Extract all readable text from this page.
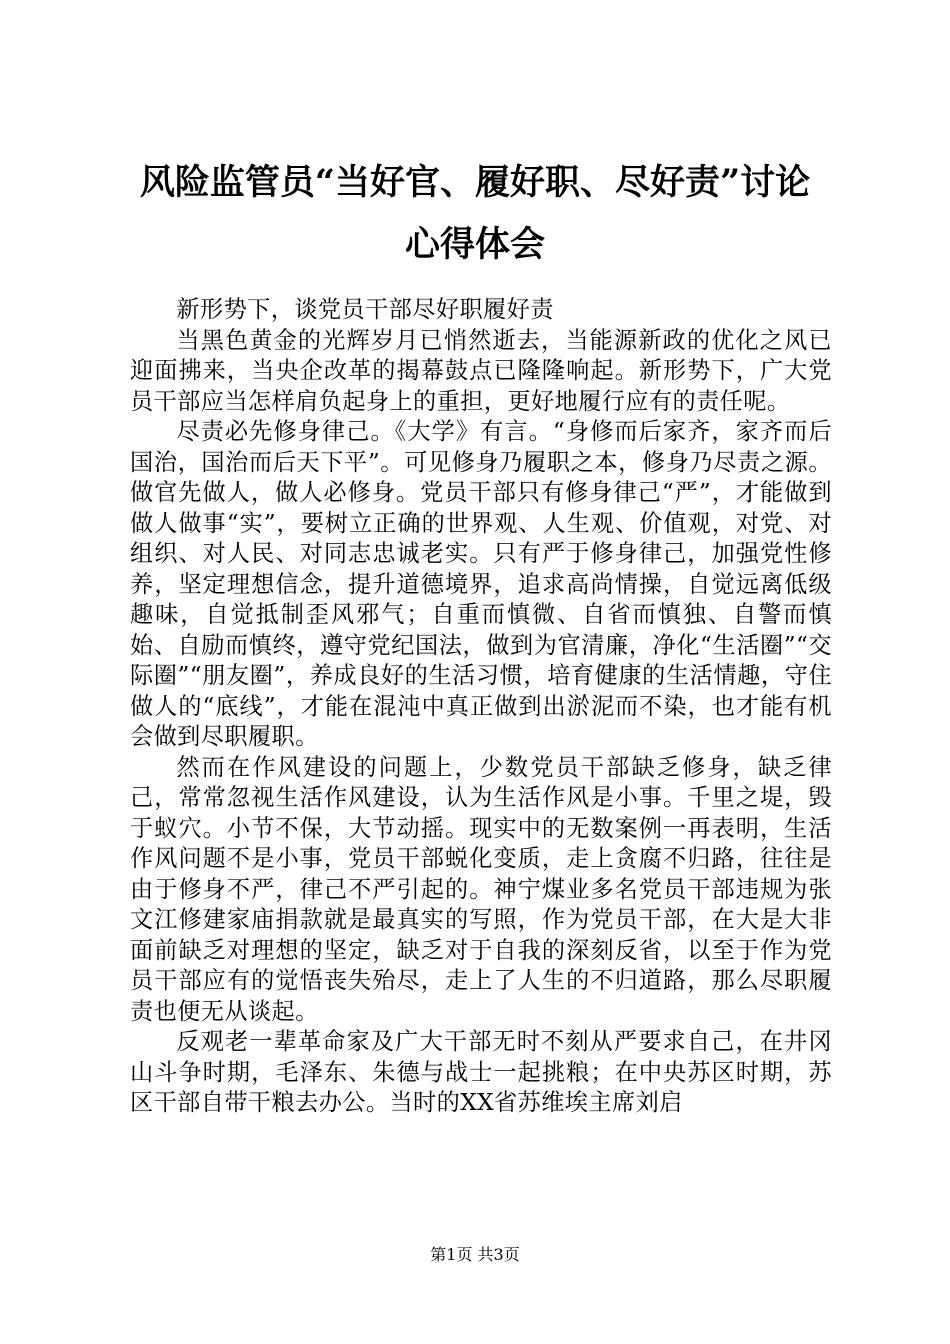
风险监管员“当好官、履好职、尽好责”讨论
心得体会

新形势下，谈党员干部尽好职履好责

当黑色黄金的光辉岁月已悄然逝去，当能源新政的优化之风已迎面拂来，当央企改革的揭幕鼓点已隆隆响起。新形势下，广大党员干部应当怎样肩负起身上的重担，更好地履行应有的责任呢。

尽责必先修身律己。《大学》有言。“身修而后家齐，家齐而后国治，国治而后天下平”。可见修身乃履职之本，修身乃尽责之源。做官先做人，做人必修身。党员干部只有修身律己“严”，才能做到做人做事“实”，要树立正确的世界观、人生观、价值观，对党、对组织、对人民、对同志忠诚老实。只有严于修身律己，加强党性修养，坚定理想信念，提升道德境界，追求高尚情操，自觉远离低级趣味，自觉抵制歪风邪气；自重而慎微、自省而慎独、自警而慎始、自励而慎终，遵守党纪国法，做到为官清廉，净化“生活圈”“交际圈”“朋友圈”，养成良好的生活习惯，培育健康的生活情趣，守住做人的“底线”，才能在混沌中真正做到出淤泥而不染，也才能有机会做到尽职履职。

然而在作风建设的问题上，少数党员干部缺乏修身，缺乏律己，常常忽视生活作风建设，认为生活作风是小事。千里之堤，毁于蚁穴。小节不保，大节动摇。现实中的无数案例一再表明，生活作风问题不是小事，党员干部蜕化变质，走上贪腐不归路，往往是由于修身不严，律己不严引起的。神宁煤业多名党员干部违规为张文江修建家庙捐款就是最真实的写照，作为党员干部，在大是大非面前缺乏对理想的坚定，缺乏对于自我的深刻反省，以至于作为党员干部应有的觉悟丧失殆尽，走上了人生的不归道路，那么尽职履责也便无从谈起。

反观老一辈革命家及广大干部无时不刻从严要求自己，在井冈山斗争时期，毛泽东、朱德与战士一起挑粮；在中央苏区时期，苏区干部自带干粮去办公。当时的XX省苏维埃主席刘启

第1页 共3页
